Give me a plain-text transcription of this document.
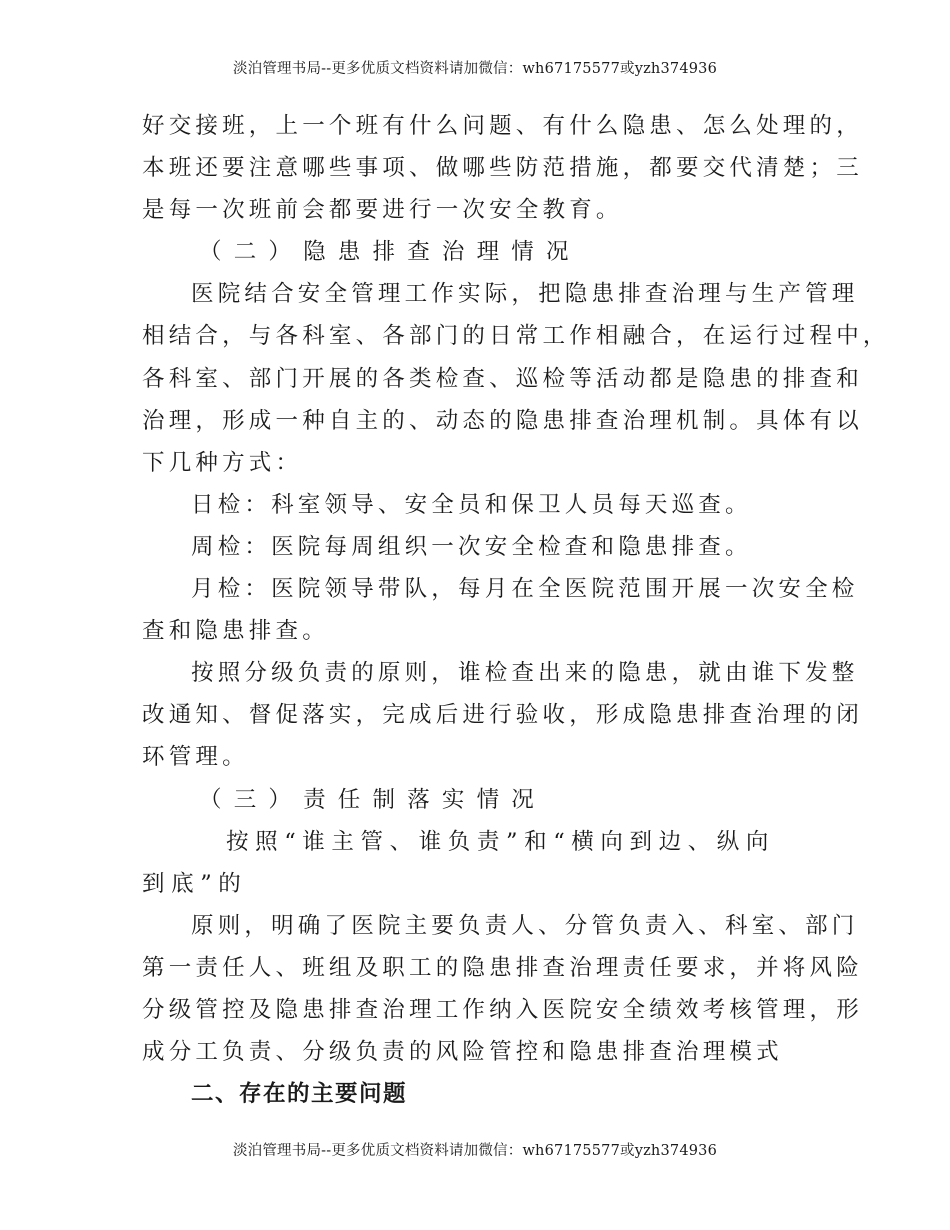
淡泊管理书局--更多优质文档资料请加微信：wh67175577或yzh374936
好交接班，上一个班有什么问题、有什么隐患、怎么处理的，
本班还要注意哪些事项、做哪些防范措施，都要交代清楚；三
是每一次班前会都要进行一次安全教育。
（二）隐患排查治理情况
医院结合安全管理工作实际，把隐患排查治理与生产管理
相结合，与各科室、各部门的日常工作相融合，在运行过程中，
各科室、部门开展的各类检查、巡检等活动都是隐患的排查和
治理，形成一种自主的、动态的隐患排查治理机制。具体有以
下几种方式：
日检：科室领导、安全员和保卫人员每天巡查。
周检：医院每周组织一次安全检查和隐患排查。
月检：医院领导带队，每月在全医院范围开展一次安全检
查和隐患排查。
按照分级负责的原则，谁检查出来的隐患，就由谁下发整
改通知、督促落实，完成后进行验收，形成隐患排查治理的闭
环管理。
（三）责任制落实情况
按照“谁主管、谁负责”和“横向到边、纵向
到底”的
原则，明确了医院主要负责人、分管负责入、科室、部门
第一责任人、班组及职工的隐患排查治理责任要求，并将风险
分级管控及隐患排查治理工作纳入医院安全绩效考核管理，形
成分工负责、分级负责的风险管控和隐患排查治理模式
二、存在的主要问题
淡泊管理书局--更多优质文档资料请加微信：wh67175577或yzh374936
